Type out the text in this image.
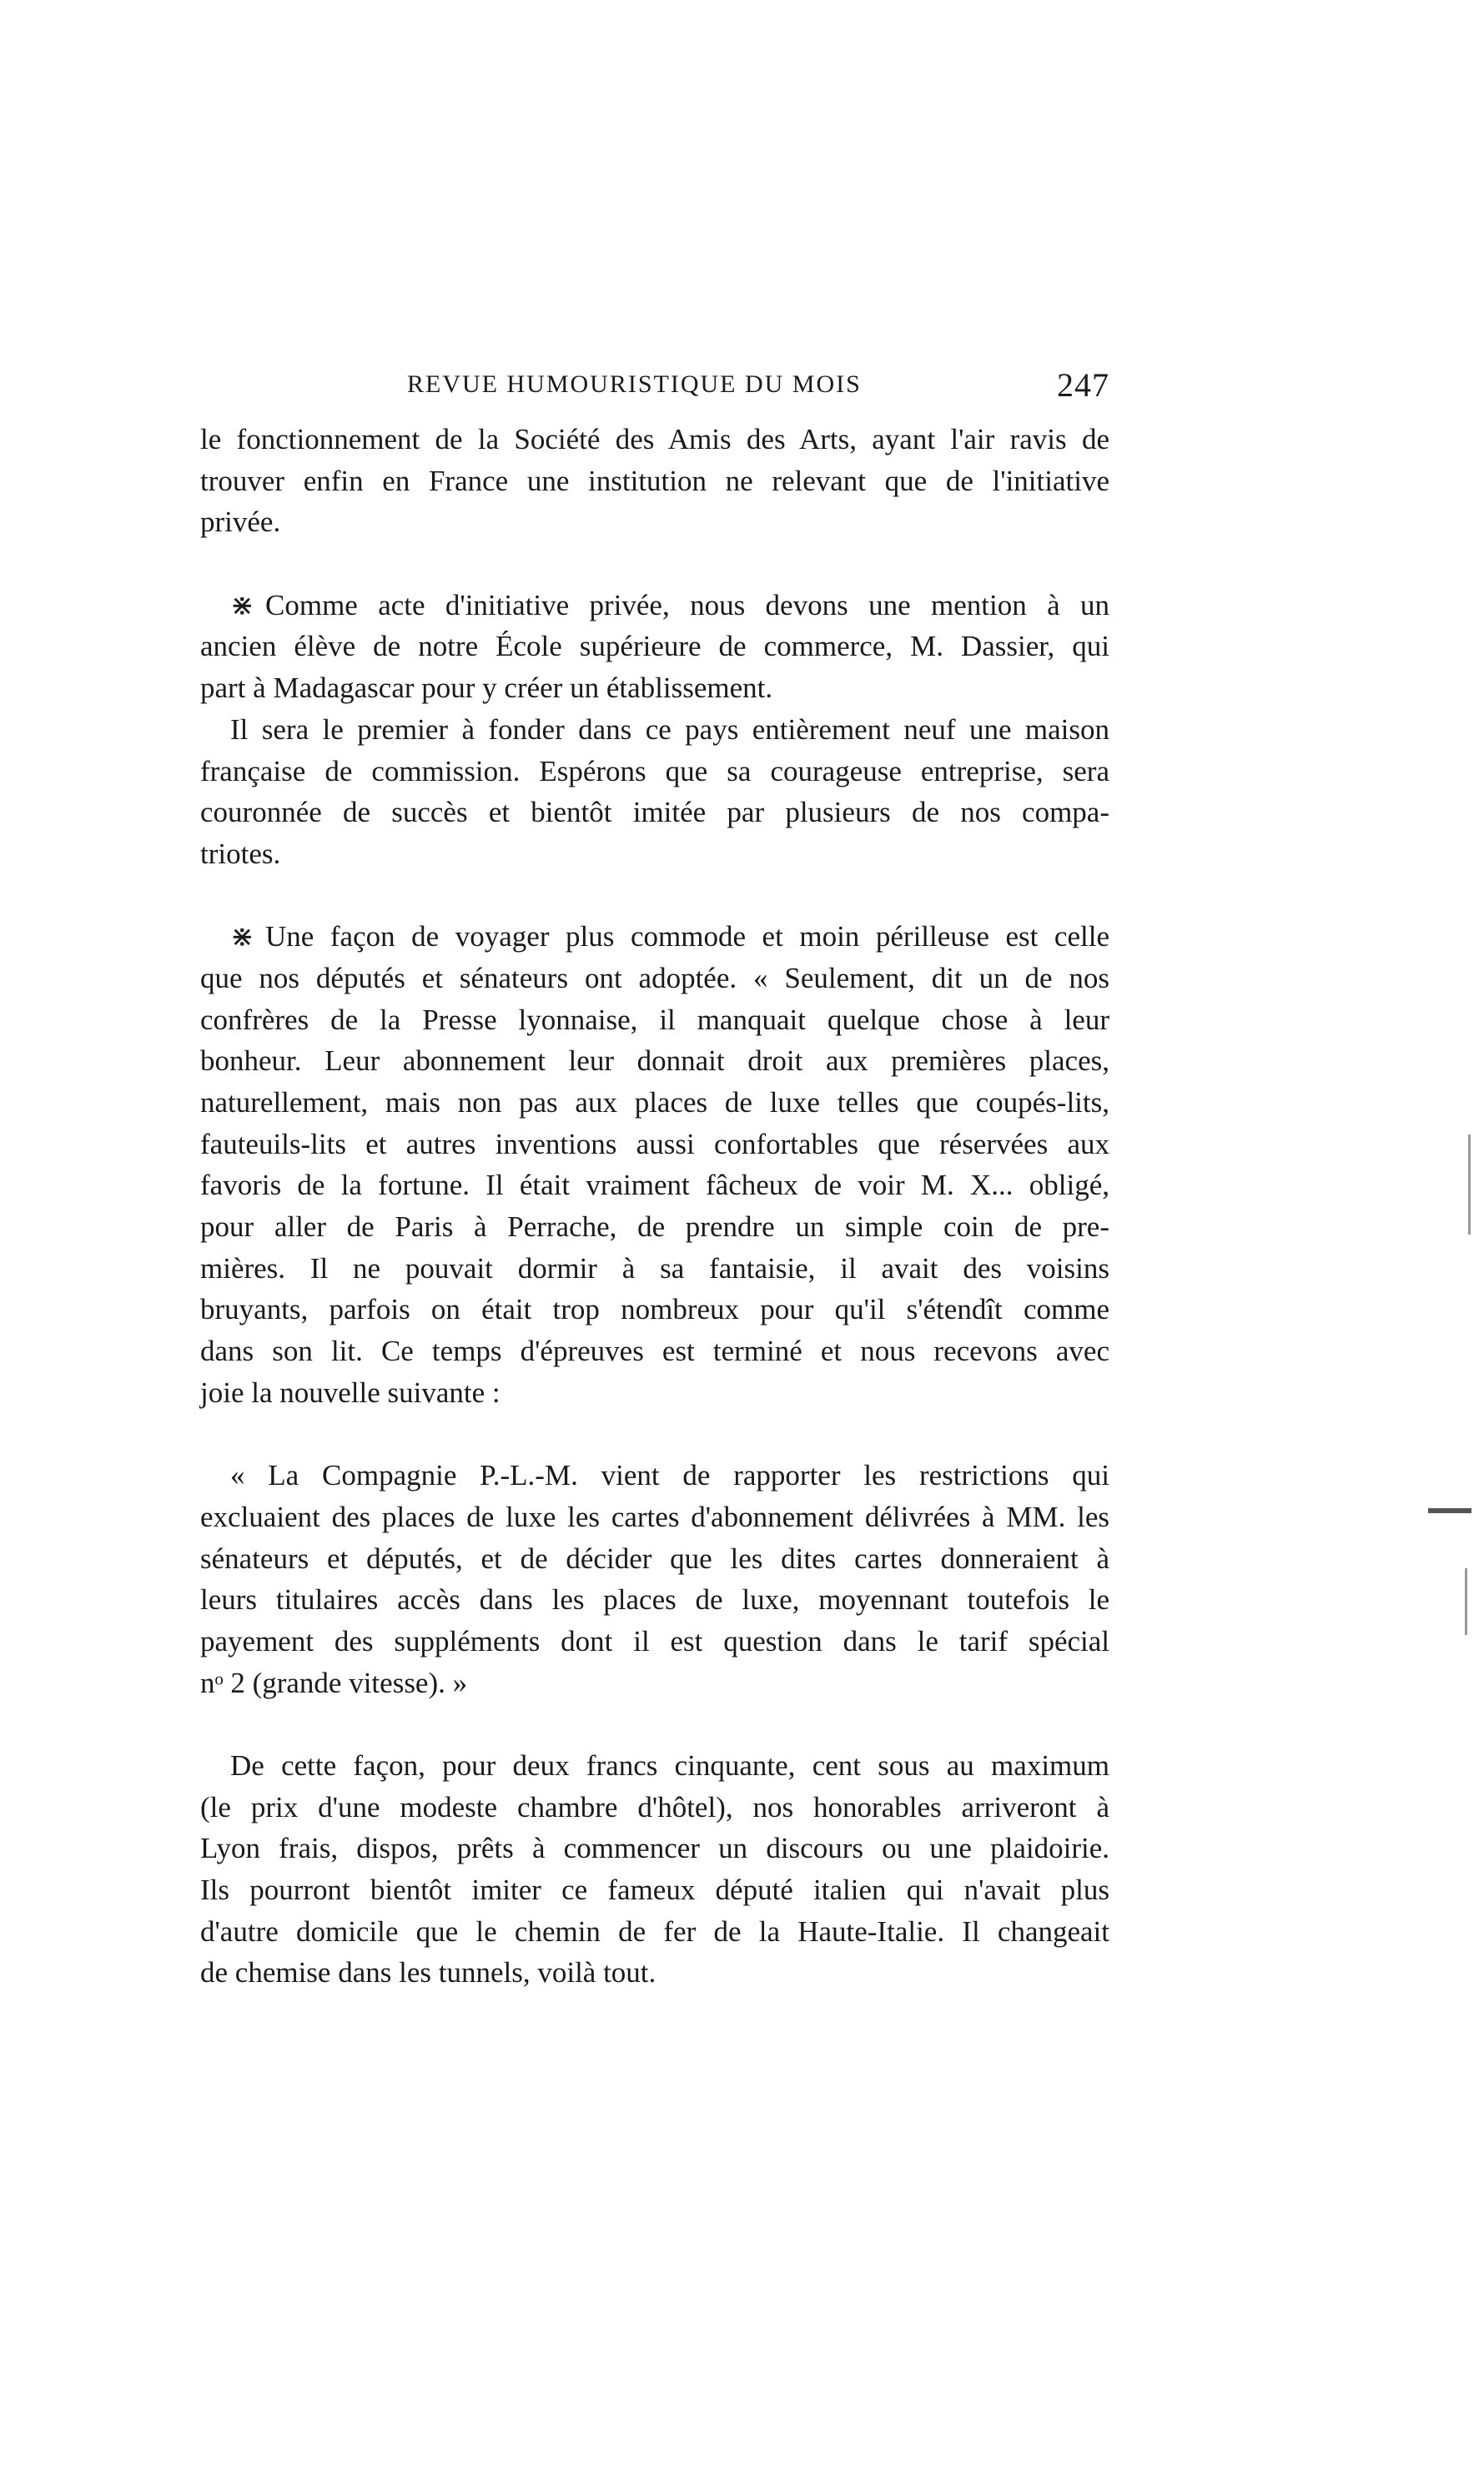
REVUE HUMOURISTIQUE DU MOIS	247
le fonctionnement de la Société des Amis des Arts, ayant l'air ravis de
trouver enfin en France une institution ne relevant que de l'initiative
privée.
⋇ Comme acte d'initiative privée, nous devons une mention à un
ancien élève de notre École supérieure de commerce, M. Dassier, qui
part à Madagascar pour y créer un établissement.
Il sera le premier à fonder dans ce pays entièrement neuf une maison
française de commission. Espérons que sa courageuse entreprise, sera
couronnée de succès et bientôt imitée par plusieurs de nos compa-
triotes.
⋇ Une façon de voyager plus commode et moin périlleuse est celle
que nos députés et sénateurs ont adoptée. « Seulement, dit un de nos
confrères de la Presse lyonnaise, il manquait quelque chose à leur
bonheur. Leur abonnement leur donnait droit aux premières places,
naturellement, mais non pas aux places de luxe telles que coupés-lits,
fauteuils-lits et autres inventions aussi confortables que réservées aux
favoris de la fortune. Il était vraiment fâcheux de voir M. X... obligé,
pour aller de Paris à Perrache, de prendre un simple coin de pre-
mières. Il ne pouvait dormir à sa fantaisie, il avait des voisins
bruyants, parfois on était trop nombreux pour qu'il s'étendît comme
dans son lit. Ce temps d'épreuves est terminé et nous recevons avec
joie la nouvelle suivante :
« La Compagnie P.-L.-M. vient de rapporter les restrictions qui
excluaient des places de luxe les cartes d'abonnement délivrées à MM. les
sénateurs et députés, et de décider que les dites cartes donneraient à
leurs titulaires accès dans les places de luxe, moyennant toutefois le
payement des suppléments dont il est question dans le tarif spécial
nᵒ 2 (grande vitesse). »
De cette façon, pour deux francs cinquante, cent sous au maximum
(le prix d'une modeste chambre d'hôtel), nos honorables arriveront à
Lyon frais, dispos, prêts à commencer un discours ou une plaidoirie.
Ils pourront bientôt imiter ce fameux député italien qui n'avait plus
d'autre domicile que le chemin de fer de la Haute-Italie. Il changeait
de chemise dans les tunnels, voilà tout.
